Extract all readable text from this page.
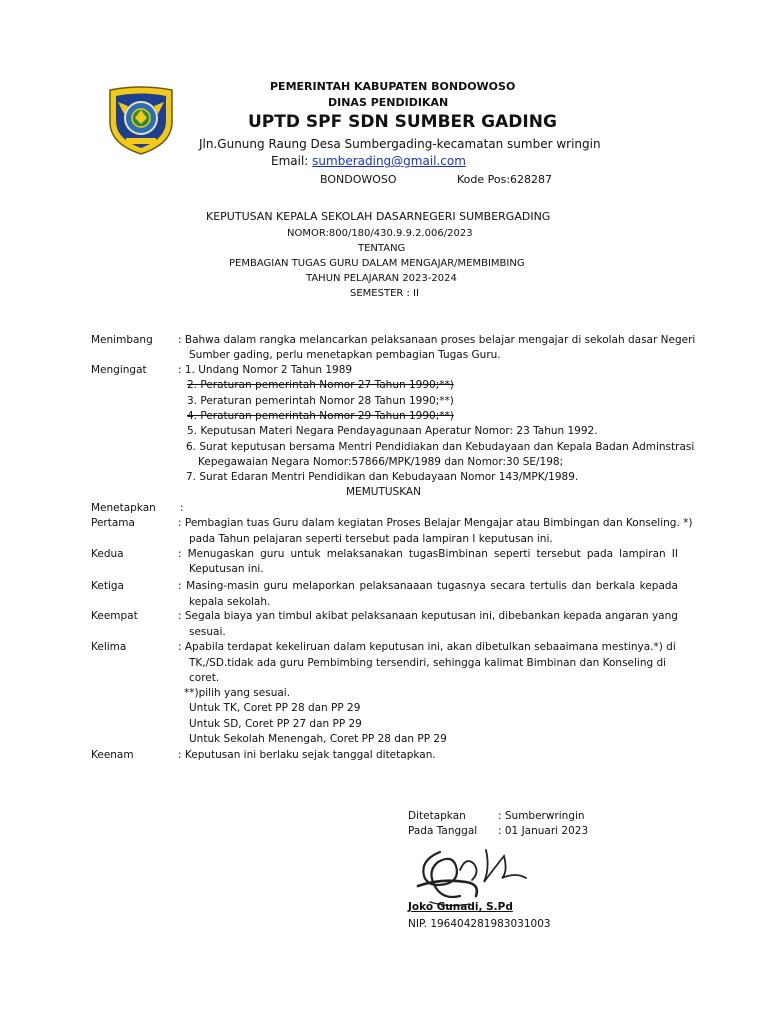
PEMERINTAH KABUPATEN BONDOWOSO
DINAS PENDIDIKAN
UPTD SPF SDN SUMBER GADING
Jln.Gunung Raung Desa Sumbergading-kecamatan sumber wringin
Email: sumberading@gmail.com
BONDOWOSO	Kode Pos:628287
KEPUTUSAN KEPALA SEKOLAH DASARNEGERI SUMBERGADING
NOMOR:800/180/430.9.9.2.006/2023
TENTANG
PEMBAGIAN TUGAS GURU DALAM MENGAJAR/MEMBIMBING
TAHUN PELAJARAN 2023-2024
SEMESTER : II
Menimbang : Bahwa dalam rangka melancarkan pelaksanaan proses belajar mengajar di sekolah dasar Negeri
Sumber gading, perlu menetapkan pembagian Tugas Guru.
Mengingat	: 1. Undang Nomor 2 Tahun 1989
2. Peraturan pemerintah Nomor 27 Tahun 1990;**)
3. Peraturan pemerintah Nomor 28 Tahun 1990;**)
4. Peraturan pemerintah Nomor 29 Tahun 1990;**)
5. Keputusan Materi Negara Pendayagunaan Aperatur Nomor: 23 Tahun 1992.
6. Surat keputusan bersama Mentri Pendidiakan dan Kebudayaan dan Kepala Badan Adminstrasi
Kepegawaian Negara Nomor:57866/MPK/1989 dan Nomor:30 SE/198;
7. Surat Edaran Mentri Pendidikan dan Kebudayaan Nomor 143/MPK/1989.
MEMUTUSKAN
Menetapkan :
Pertama	: Pembagian tuas Guru dalam kegiatan Proses Belajar Mengajar atau Bimbingan dan Konseling. *)
pada Tahun pelajaran seperti tersebut pada lampiran I keputusan ini.
Kedua	: Menugaskan guru untuk melaksanakan tugasBimbinan seperti tersebut pada lampiran II
Keputusan ini.
Ketiga	: Masing-masin guru melaporkan pelaksanaaan tugasnya secara tertulis dan berkala kepada
kepala sekolah.
Keempat	: Segala biaya yan timbul akibat pelaksanaan keputusan ini, dibebankan kepada angaran yang
sesuai.
Kelima	: Apabila terdapat kekeliruan dalam keputusan ini, akan dibetulkan sebaaimana mestinya.*) di
TK,/SD.tidak ada guru Pembimbing tersendiri, sehingga kalimat Bimbinan dan Konseling di
coret.
**)pilih yang sesuai.
Untuk TK, Coret PP 28 dan PP 29
Untuk SD, Coret PP 27 dan PP 29
Untuk Sekolah Menengah, Coret PP 28 dan PP 29
Keenam	: Keputusan ini berlaku sejak tanggal ditetapkan.
Ditetapkan	: Sumberwringin
Pada Tanggal : 01 Januari 2023
Joko Gunadi, S.Pd
NIP. 196404281983031003
